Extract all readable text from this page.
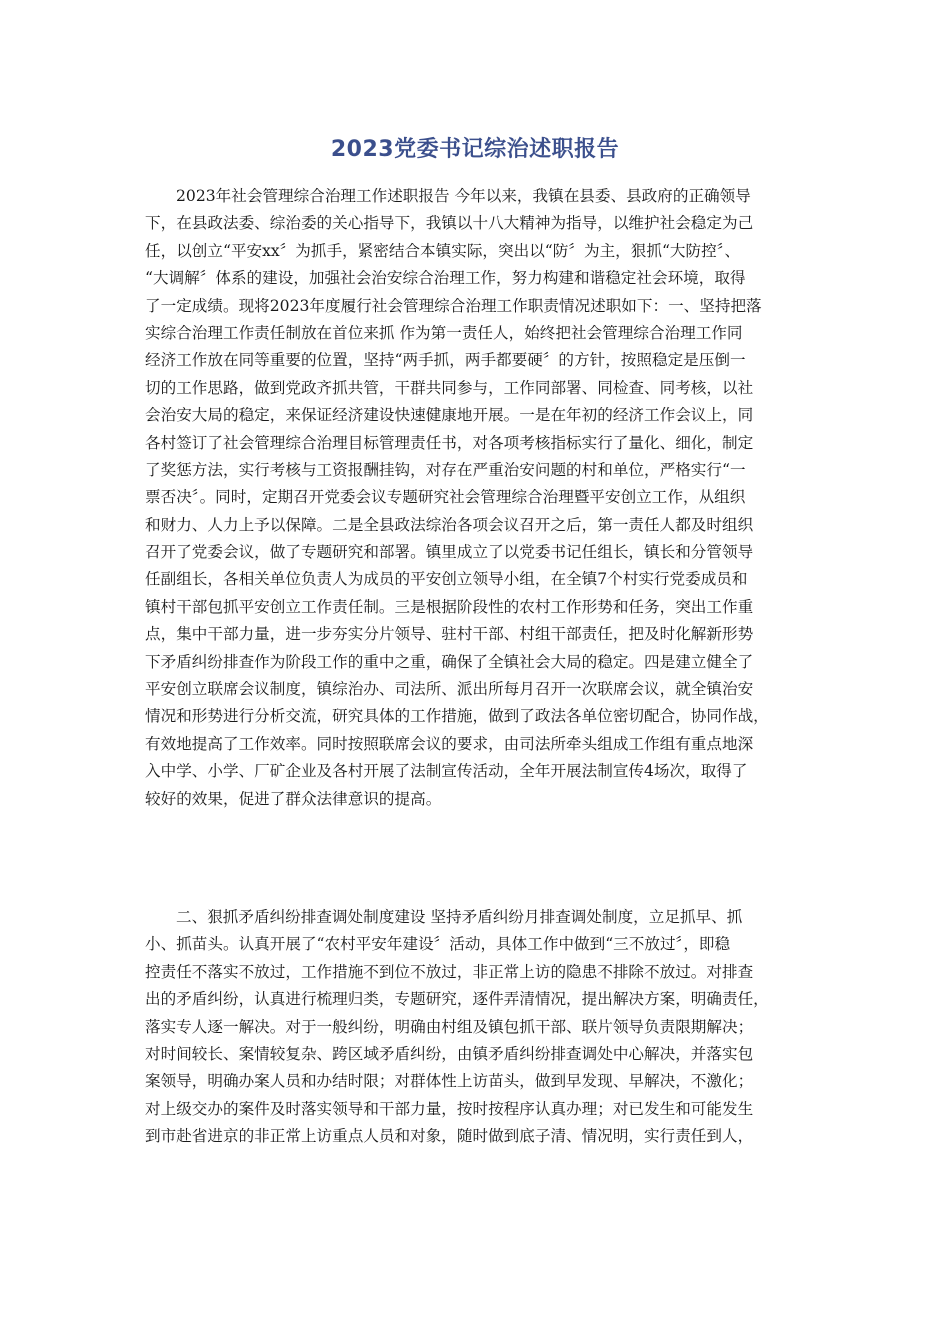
2023党委书记综治述职报告
2023年社会管理综合治理工作述职报告 今年以来，我镇在县委、县政府的正确领导
下，在县政法委、综治委的关心指导下，我镇以十八大精神为指导，以维护社会稳定为己
任，以创立“平安xx〞为抓手，紧密结合本镇实际，突出以“防〞为主，狠抓“大防控〞、
“大调解〞体系的建设，加强社会治安综合治理工作，努力构建和谐稳定社会环境，取得
了一定成绩。现将2023年度履行社会管理综合治理工作职责情况述职如下：一、坚持把落
实综合治理工作责任制放在首位来抓 作为第一责任人，始终把社会管理综合治理工作同
经济工作放在同等重要的位置，坚持“两手抓，两手都要硬〞的方针，按照稳定是压倒一
切的工作思路，做到党政齐抓共管，干群共同参与，工作同部署、同检查、同考核，以社
会治安大局的稳定，来保证经济建设快速健康地开展。一是在年初的经济工作会议上，同
各村签订了社会管理综合治理目标管理责任书，对各项考核指标实行了量化、细化，制定
了奖惩方法，实行考核与工资报酬挂钩，对存在严重治安问题的村和单位，严格实行“一
票否决〞。同时，定期召开党委会议专题研究社会管理综合治理暨平安创立工作，从组织
和财力、人力上予以保障。二是全县政法综治各项会议召开之后，第一责任人都及时组织
召开了党委会议，做了专题研究和部署。镇里成立了以党委书记任组长，镇长和分管领导
任副组长，各相关单位负责人为成员的平安创立领导小组，在全镇7个村实行党委成员和
镇村干部包抓平安创立工作责任制。三是根据阶段性的农村工作形势和任务，突出工作重
点，集中干部力量，进一步夯实分片领导、驻村干部、村组干部责任，把及时化解新形势
下矛盾纠纷排查作为阶段工作的重中之重，确保了全镇社会大局的稳定。四是建立健全了
平安创立联席会议制度，镇综治办、司法所、派出所每月召开一次联席会议，就全镇治安
情况和形势进行分析交流，研究具体的工作措施，做到了政法各单位密切配合，协同作战，
有效地提高了工作效率。同时按照联席会议的要求，由司法所牵头组成工作组有重点地深
入中学、小学、厂矿企业及各村开展了法制宣传活动，全年开展法制宣传4场次，取得了
较好的效果，促进了群众法律意识的提高。
二、狠抓矛盾纠纷排查调处制度建设 坚持矛盾纠纷月排查调处制度，立足抓早、抓
小、抓苗头。认真开展了“农村平安年建设〞活动，具体工作中做到“三不放过〞，即稳
控责任不落实不放过，工作措施不到位不放过，非正常上访的隐患不排除不放过。对排查
出的矛盾纠纷，认真进行梳理归类，专题研究，逐件弄清情况，提出解决方案，明确责任，
落实专人逐一解决。对于一般纠纷，明确由村组及镇包抓干部、联片领导负责限期解决；
对时间较长、案情较复杂、跨区域矛盾纠纷，由镇矛盾纠纷排查调处中心解决，并落实包
案领导，明确办案人员和办结时限；对群体性上访苗头，做到早发现、早解决，不激化；
对上级交办的案件及时落实领导和干部力量，按时按程序认真办理；对已发生和可能发生
到市赴省进京的非正常上访重点人员和对象，随时做到底子清、情况明，实行责任到人，
